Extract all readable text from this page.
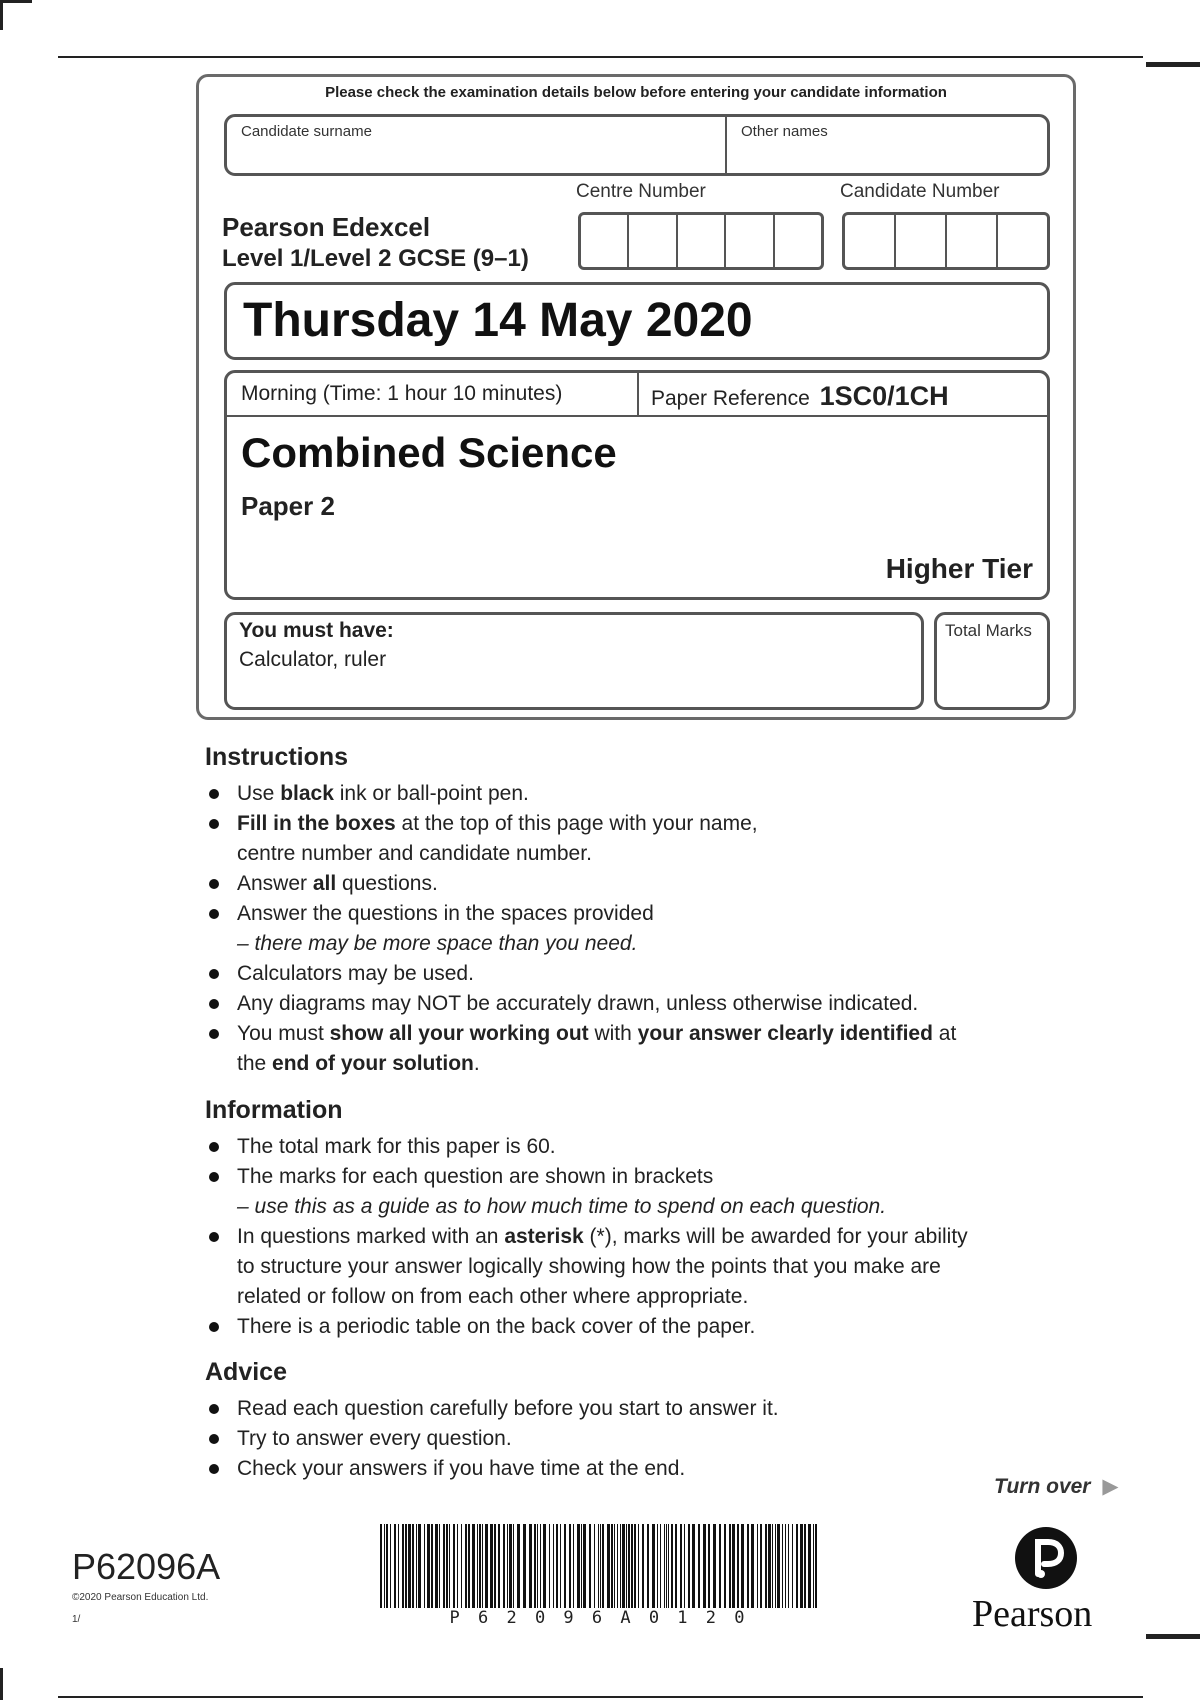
Please check the examination details below before entering your candidate information
Candidate surname	Other names
Centre Number	Candidate Number
Pearson Edexcel
Level 1/Level 2 GCSE (9–1)
Thursday 14 May 2020
Morning (Time: 1 hour 10 minutes)	Paper Reference 1SC0/1CH
Combined Science
Paper 2
Higher Tier
You must have:
Calculator, ruler
Total Marks
Instructions
Use black ink or ball-point pen.
Fill in the boxes at the top of this page with your name,
centre number and candidate number.
Answer all questions.
Answer the questions in the spaces provided
– there may be more space than you need.
Calculators may be used.
Any diagrams may NOT be accurately drawn, unless otherwise indicated.
You must show all your working out with your answer clearly identified at
the end of your solution.
Information
The total mark for this paper is 60.
The marks for each question are shown in brackets
– use this as a guide as to how much time to spend on each question.
In questions marked with an asterisk (*), marks will be awarded for your ability
to structure your answer logically showing how the points that you make are
related or follow on from each other where appropriate.
There is a periodic table on the back cover of the paper.
Advice
Read each question carefully before you start to answer it.
Try to answer every question.
Check your answers if you have time at the end.
Turn over ▶
P62096A
©2020 Pearson Education Ltd.
1/	P 6 2 0 9 6 A 0 1 2 0	Pearson
